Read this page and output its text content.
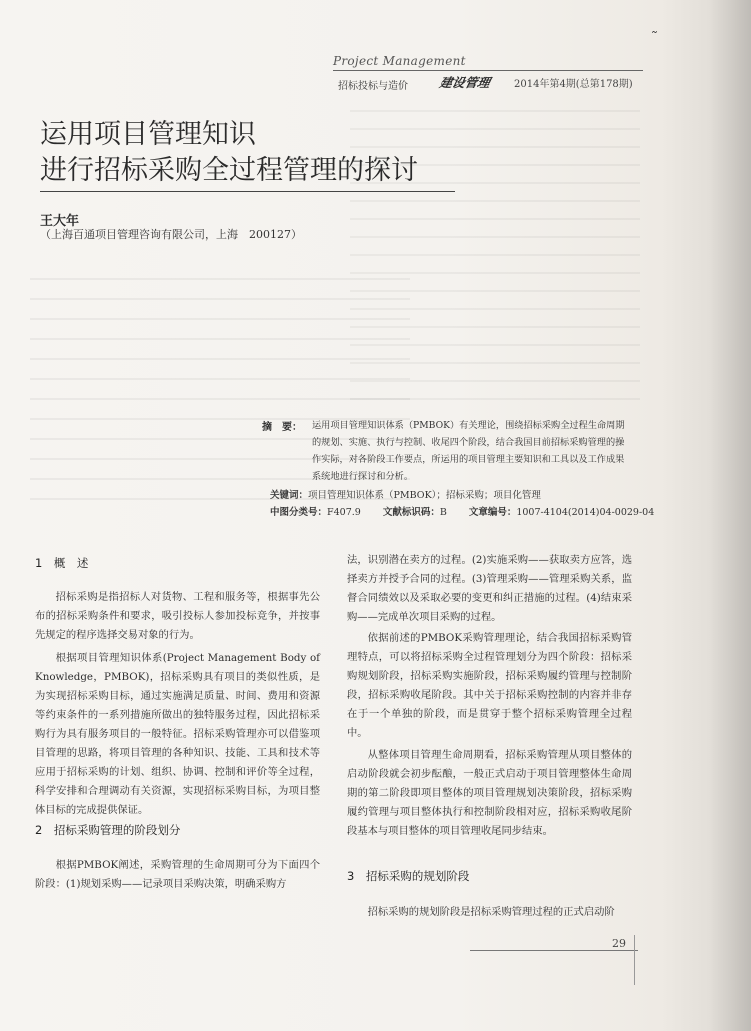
˜
Project Management
招标投标与造价 建设管理 2014年第4期(总第178期)
运用项目管理知识
进行招标采购全过程管理的探讨
王大年
（上海百通项目管理咨询有限公司，上海　200127）
摘　要： 运用项目管理知识体系（PMBOK）有关理论，围绕招标采购全过程生命周期的规划、实施、执行与控制、收尾四个阶段，结合我国目前招标采购管理的操作实际，对各阶段工作要点，所运用的项目管理主要知识和工具以及工作成果系统地进行探讨和分析。
关键词：项目管理知识体系（PMBOK）；招标采购；项目化管理
中图分类号：F407.9 文献标识码：B 文章编号：1007-4104(2014)04-0029-04
1　概　述

招标采购是指招标人对货物、工程和服务等，根据事先公布的招标采购条件和要求，吸引投标人参加投标竞争，并按事先规定的程序选择交易对象的行为。

根据项目管理知识体系(Project Management Body of Knowledge，PMBOK)，招标采购具有项目的类似性质，是为实现招标采购目标，通过实施满足质量、时间、费用和资源等约束条件的一系列措施所做出的独特服务过程，因此招标采购行为具有服务项目的一般特征。招标采购管理亦可以借鉴项目管理的思路，将项目管理的各种知识、技能、工具和技术等应用于招标采购的计划、组织、协调、控制和评价等全过程，科学安排和合理调动有关资源，实现招标采购目标，为项目整体目标的完成提供保证。

2　招标采购管理的阶段划分

根据PMBOK阐述，采购管理的生命周期可分为下面四个阶段：(1)规划采购——记录项目采购决策，明确采购方

法，识别潜在卖方的过程。(2)实施采购——获取卖方应答，选择卖方并授予合同的过程。(3)管理采购——管理采购关系，监督合同绩效以及采取必要的变更和纠正措施的过程。(4)结束采购——完成单次项目采购的过程。

依据前述的PMBOK采购管理理论，结合我国招标采购管理特点，可以将招标采购全过程管理划分为四个阶段：招标采购规划阶段，招标采购实施阶段，招标采购履约管理与控制阶段，招标采购收尾阶段。其中关于招标采购控制的内容并非存在于一个单独的阶段，而是贯穿于整个招标采购管理全过程中。

从整体项目管理生命周期看，招标采购管理从项目整体的启动阶段就会初步酝酿，一般正式启动于项目管理整体生命周期的第二阶段即项目整体的项目管理规划决策阶段，招标采购履约管理与项目整体执行和控制阶段相对应，招标采购收尾阶段基本与项目整体的项目管理收尾同步结束。

3　招标采购的规划阶段

招标采购的规划阶段是招标采购管理过程的正式启动阶

29
